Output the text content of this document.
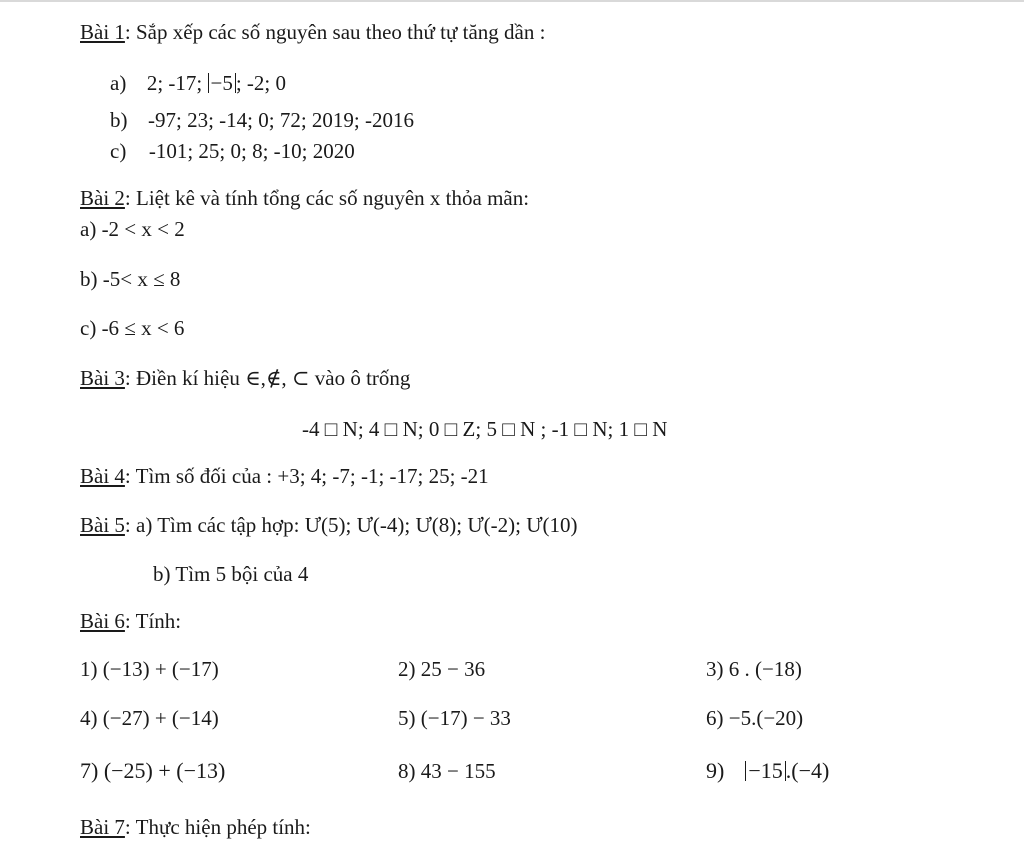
Bài 1: Sắp xếp các số nguyên sau theo thứ tự tăng dần :
a) 2; -17; −5 ; -2; 0
b) -97; 23; -14; 0; 72; 2019; -2016
c) -101; 25; 0; 8; -10; 2020
Bài 2: Liệt kê và tính tổng các số nguyên x thỏa mãn:
a) -2 < x < 2
b) -5< x ≤ 8
c) -6 ≤ x < 6
Bài 3: Điền kí hiệu ∈,∉, ⊂ vào ô trống
-4 □ N; 4 □ N; 0 □ Z; 5 □ N ; -1 □ N; 1 □ N
Bài 4: Tìm số đối của : +3; 4; -7; -1; -17; 25; -21
Bài 5: a) Tìm các tập hợp: Ư(5); Ư(-4); Ư(8); Ư(-2); Ư(10)
b) Tìm 5 bội của 4
Bài 6: Tính:
1) (−13) + (−17)	2) 25 − 36	3) 6 . (−18)
4) (−27) + (−14)	5) (−17) − 33	6) −5.(−20)
7) (−25) + (−13)	8) 43 − 155	9) −15 .(−4)
Bài 7: Thực hiện phép tính:
